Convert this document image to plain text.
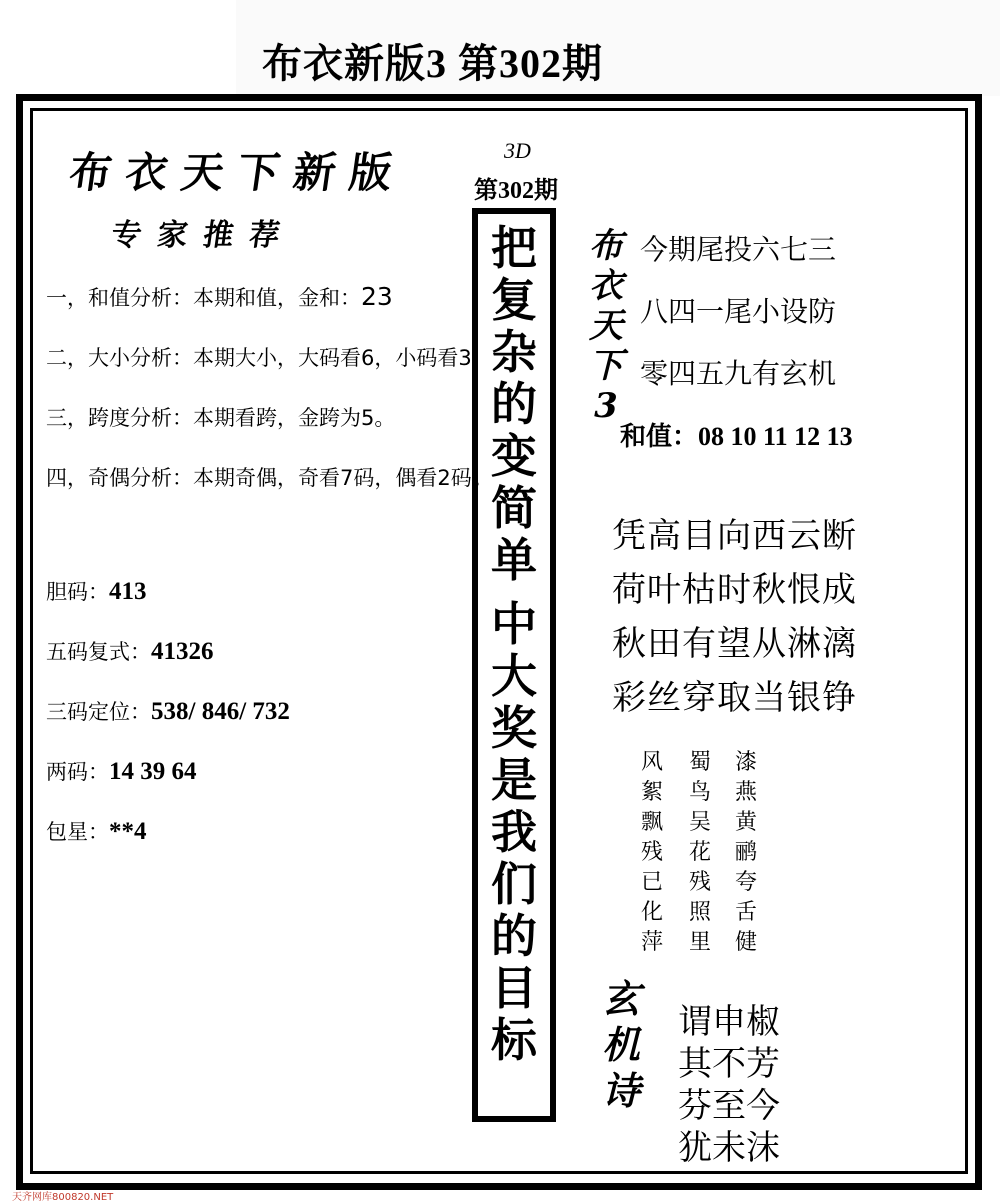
布衣新版3 第302期
布衣天下新版
专家推荐
一，和值分析：本期和值，金和：23
二，大小分析：本期大小，大码看6，小码看3
三，跨度分析：本期看跨，金跨为5。
四，奇偶分析：本期奇偶，奇看7码，偶看2码。
胆码：413
五码复式：41326
三码定位：538/ 846/ 732
两码：14 39 64
包星：**4
3D
第302期
把
复
杂
的
变
简
单
中
大
奖
是
我
们
的
目
标
布
衣
天
下
3
今期尾投六七三
八四一尾小设防
零四五九有玄机
和值：08 10 11 12 13
凭高目向西云断
荷叶枯时秋恨成
秋田有望从淋漓
彩丝穿取当银铮
风絮飘残已化萍
蜀鸟吴花残照里
漆燕黄鹂夸舌健
玄
机
诗
谓申椒
其不芳
芬至今
犹未沫
天齐网库800820.NET
